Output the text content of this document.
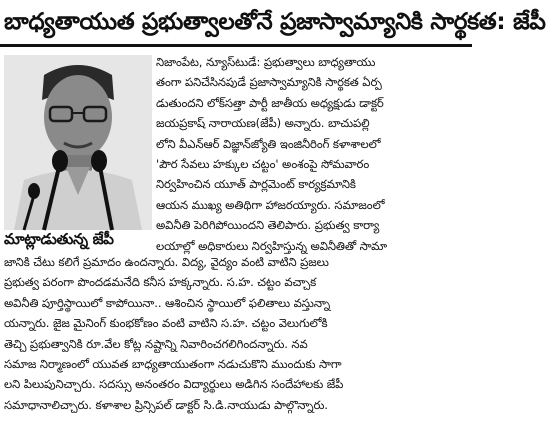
బాధ్యతాయుత ప్రభుత్వాలతోనే ప్రజాస్వామ్యానికి సార్థకత: జేపీ
మాట్లాడుతున్న జేపీ
నిజాంపేట, న్యూస్‌టుడే: ప్రభుత్వాలు బాధ్యతాయు
తంగా పనిచేసినపుడే ప్రజాస్వామ్యానికి సార్థకత ఏర్ప
డుతుందని లోక్‌సత్తా పార్టీ జాతీయ అధ్యక్షుడు డాక్టర్
జయప్రకాష్ నారాయణ(జేపీ) అన్నారు. బాచుపల్లి
లోని వీఎన్‌ఆర్ విజ్ఞాన్‌జ్యోతి ఇంజినీరింగ్ కళాశాలలో
'పౌర సేవలు హక్కుల చట్టం' అంశంపై సోమవారం
నిర్వహించిన యూత్ పార్లమెంట్ కార్యక్రమానికి
ఆయన ముఖ్య అతిథిగా హాజరయ్యారు. సమాజంలో
అవినీతి పెరిగిపోయిందని తెలిపారు. ప్రభుత్వ కార్యా
లయాల్లో అధికారులు నిర్వహిస్తున్న అవినీతితో సామా
జానికి చేటు కలిగే ప్రమాదం ఉందన్నారు. విద్య, వైద్యం వంటి వాటిని ప్రజలు
ప్రభుత్వ పరంగా పొందడమనేది కనీస హక్కన్నారు. స.హ. చట్టం వచ్చాక
అవినీతి పూర్తిస్థాయిలో కాపోయినా.. ఆశించిన స్థాయిలో ఫలితాలు వస్తున్నా
యన్నారు. జైజ మైనింగ్ కుంభకోణం వంటి వాటిని స.హ. చట్టం వెలుగులోకి
తెచ్చి ప్రభుత్వానికి రూ.వేల కోట్ల నష్టాన్ని నివారించగలిగిందన్నారు. నవ
సమాజ నిర్మాణంలో యువత బాధ్యతాయుతంగా నడుచుకొని ముందుకు సాగా
లని పిలుపునిచ్చారు. సదస్సు అనంతరం విద్యార్థులు అడిగిన సందేహాలకు జేపీ
సమాధానాలిచ్చారు. కళాశాల ప్రిన్సిపల్ డాక్టర్ సి.డి.నాయుడు పాల్గొన్నారు.
